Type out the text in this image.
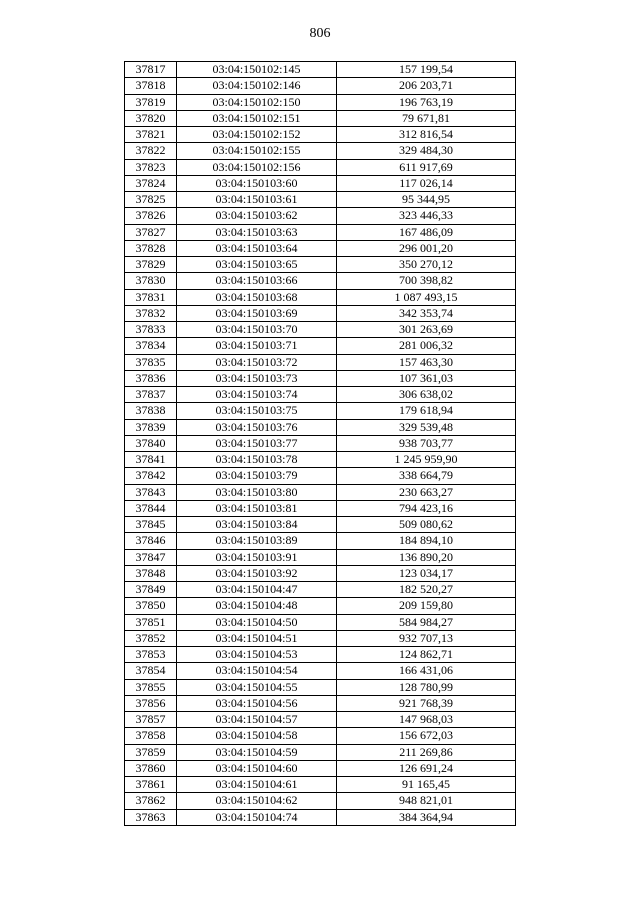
806
37817	03:04:150102:145	157 199,54
37818	03:04:150102:146	206 203,71
37819	03:04:150102:150	196 763,19
37820	03:04:150102:151	79 671,81
37821	03:04:150102:152	312 816,54
37822	03:04:150102:155	329 484,30
37823	03:04:150102:156	611 917,69
37824	03:04:150103:60	117 026,14
37825	03:04:150103:61	95 344,95
37826	03:04:150103:62	323 446,33
37827	03:04:150103:63	167 486,09
37828	03:04:150103:64	296 001,20
37829	03:04:150103:65	350 270,12
37830	03:04:150103:66	700 398,82
37831	03:04:150103:68	1 087 493,15
37832	03:04:150103:69	342 353,74
37833	03:04:150103:70	301 263,69
37834	03:04:150103:71	281 006,32
37835	03:04:150103:72	157 463,30
37836	03:04:150103:73	107 361,03
37837	03:04:150103:74	306 638,02
37838	03:04:150103:75	179 618,94
37839	03:04:150103:76	329 539,48
37840	03:04:150103:77	938 703,77
37841	03:04:150103:78	1 245 959,90
37842	03:04:150103:79	338 664,79
37843	03:04:150103:80	230 663,27
37844	03:04:150103:81	794 423,16
37845	03:04:150103:84	509 080,62
37846	03:04:150103:89	184 894,10
37847	03:04:150103:91	136 890,20
37848	03:04:150103:92	123 034,17
37849	03:04:150104:47	182 520,27
37850	03:04:150104:48	209 159,80
37851	03:04:150104:50	584 984,27
37852	03:04:150104:51	932 707,13
37853	03:04:150104:53	124 862,71
37854	03:04:150104:54	166 431,06
37855	03:04:150104:55	128 780,99
37856	03:04:150104:56	921 768,39
37857	03:04:150104:57	147 968,03
37858	03:04:150104:58	156 672,03
37859	03:04:150104:59	211 269,86
37860	03:04:150104:60	126 691,24
37861	03:04:150104:61	91 165,45
37862	03:04:150104:62	948 821,01
37863	03:04:150104:74	384 364,94
